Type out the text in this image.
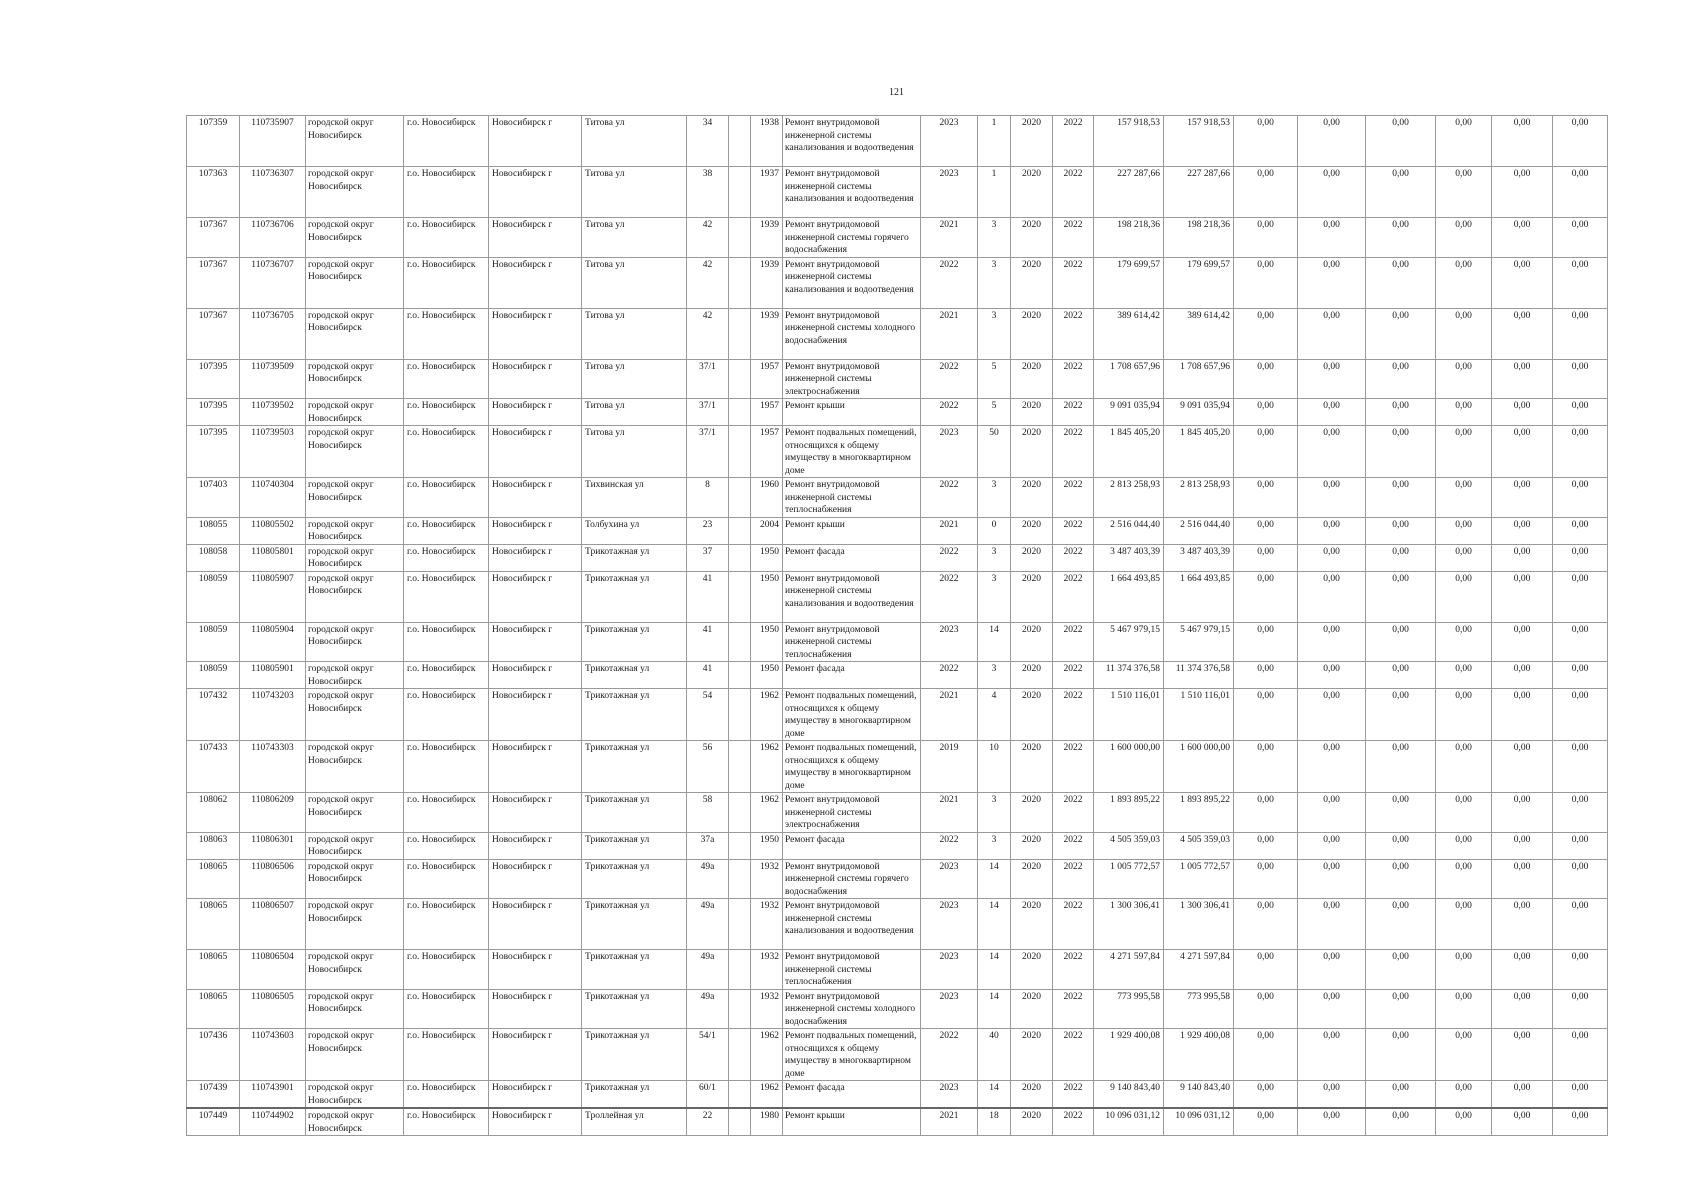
121
107359	110735907	городской округ Новосибирск	г.о. Новосибирск	Новосибирск г	Титова ул	34		1938	Ремонт внутридомовой инженерной системы канализования и водоотведения	2023	1	2020	2022	157 918,53	157 918,53	0,00	0,00	0,00	0,00	0,00	0,00
107363	110736307	городской округ Новосибирск	г.о. Новосибирск	Новосибирск г	Титова ул	38		1937	Ремонт внутридомовой инженерной системы канализования и водоотведения	2023	1	2020	2022	227 287,66	227 287,66	0,00	0,00	0,00	0,00	0,00	0,00
107367	110736706	городской округ Новосибирск	г.о. Новосибирск	Новосибирск г	Титова ул	42		1939	Ремонт внутридомовой инженерной системы горячего водоснабжения	2021	3	2020	2022	198 218,36	198 218,36	0,00	0,00	0,00	0,00	0,00	0,00
107367	110736707	городской округ Новосибирск	г.о. Новосибирск	Новосибирск г	Титова ул	42		1939	Ремонт внутридомовой инженерной системы канализования и водоотведения	2022	3	2020	2022	179 699,57	179 699,57	0,00	0,00	0,00	0,00	0,00	0,00
107367	110736705	городской округ Новосибирск	г.о. Новосибирск	Новосибирск г	Титова ул	42		1939	Ремонт внутридомовой инженерной системы холодного водоснабжения	2021	3	2020	2022	389 614,42	389 614,42	0,00	0,00	0,00	0,00	0,00	0,00
107395	110739509	городской округ Новосибирск	г.о. Новосибирск	Новосибирск г	Титова ул	37/1		1957	Ремонт внутридомовой инженерной системы электроснабжения	2022	5	2020	2022	1 708 657,96	1 708 657,96	0,00	0,00	0,00	0,00	0,00	0,00
107395	110739502	городской округ Новосибирск	г.о. Новосибирск	Новосибирск г	Титова ул	37/1		1957	Ремонт крыши	2022	5	2020	2022	9 091 035,94	9 091 035,94	0,00	0,00	0,00	0,00	0,00	0,00
107395	110739503	городской округ Новосибирск	г.о. Новосибирск	Новосибирск г	Титова ул	37/1		1957	Ремонт подвальных помещений, относящихся к общему имуществу в многоквартирном доме	2023	50	2020	2022	1 845 405,20	1 845 405,20	0,00	0,00	0,00	0,00	0,00	0,00
107403	110740304	городской округ Новосибирск	г.о. Новосибирск	Новосибирск г	Тихвинская ул	8		1960	Ремонт внутридомовой инженерной системы теплоснабжения	2022	3	2020	2022	2 813 258,93	2 813 258,93	0,00	0,00	0,00	0,00	0,00	0,00
108055	110805502	городской округ Новосибирск	г.о. Новосибирск	Новосибирск г	Толбухина ул	23		2004	Ремонт крыши	2021	0	2020	2022	2 516 044,40	2 516 044,40	0,00	0,00	0,00	0,00	0,00	0,00
108058	110805801	городской округ Новосибирск	г.о. Новосибирск	Новосибирск г	Трикотажная ул	37		1950	Ремонт фасада	2022	3	2020	2022	3 487 403,39	3 487 403,39	0,00	0,00	0,00	0,00	0,00	0,00
108059	110805907	городской округ Новосибирск	г.о. Новосибирск	Новосибирск г	Трикотажная ул	41		1950	Ремонт внутридомовой инженерной системы канализования и водоотведения	2022	3	2020	2022	1 664 493,85	1 664 493,85	0,00	0,00	0,00	0,00	0,00	0,00
108059	110805904	городской округ Новосибирск	г.о. Новосибирск	Новосибирск г	Трикотажная ул	41		1950	Ремонт внутридомовой инженерной системы теплоснабжения	2023	14	2020	2022	5 467 979,15	5 467 979,15	0,00	0,00	0,00	0,00	0,00	0,00
108059	110805901	городской округ Новосибирск	г.о. Новосибирск	Новосибирск г	Трикотажная ул	41		1950	Ремонт фасада	2022	3	2020	2022	11 374 376,58	11 374 376,58	0,00	0,00	0,00	0,00	0,00	0,00
107432	110743203	городской округ Новосибирск	г.о. Новосибирск	Новосибирск г	Трикотажная ул	54		1962	Ремонт подвальных помещений, относящихся к общему имуществу в многоквартирном доме	2021	4	2020	2022	1 510 116,01	1 510 116,01	0,00	0,00	0,00	0,00	0,00	0,00
107433	110743303	городской округ Новосибирск	г.о. Новосибирск	Новосибирск г	Трикотажная ул	56		1962	Ремонт подвальных помещений, относящихся к общему имуществу в многоквартирном доме	2019	10	2020	2022	1 600 000,00	1 600 000,00	0,00	0,00	0,00	0,00	0,00	0,00
108062	110806209	городской округ Новосибирск	г.о. Новосибирск	Новосибирск г	Трикотажная ул	58		1962	Ремонт внутридомовой инженерной системы электроснабжения	2021	3	2020	2022	1 893 895,22	1 893 895,22	0,00	0,00	0,00	0,00	0,00	0,00
108063	110806301	городской округ Новосибирск	г.о. Новосибирск	Новосибирск г	Трикотажная ул	37а		1950	Ремонт фасада	2022	3	2020	2022	4 505 359,03	4 505 359,03	0,00	0,00	0,00	0,00	0,00	0,00
108065	110806506	городской округ Новосибирск	г.о. Новосибирск	Новосибирск г	Трикотажная ул	49а		1932	Ремонт внутридомовой инженерной системы горячего водоснабжения	2023	14	2020	2022	1 005 772,57	1 005 772,57	0,00	0,00	0,00	0,00	0,00	0,00
108065	110806507	городской округ Новосибирск	г.о. Новосибирск	Новосибирск г	Трикотажная ул	49а		1932	Ремонт внутридомовой инженерной системы канализования и водоотведения	2023	14	2020	2022	1 300 306,41	1 300 306,41	0,00	0,00	0,00	0,00	0,00	0,00
108065	110806504	городской округ Новосибирск	г.о. Новосибирск	Новосибирск г	Трикотажная ул	49а		1932	Ремонт внутридомовой инженерной системы теплоснабжения	2023	14	2020	2022	4 271 597,84	4 271 597,84	0,00	0,00	0,00	0,00	0,00	0,00
108065	110806505	городской округ Новосибирск	г.о. Новосибирск	Новосибирск г	Трикотажная ул	49а		1932	Ремонт внутридомовой инженерной системы холодного водоснабжения	2023	14	2020	2022	773 995,58	773 995,58	0,00	0,00	0,00	0,00	0,00	0,00
107436	110743603	городской округ Новосибирск	г.о. Новосибирск	Новосибирск г	Трикотажная ул	54/1		1962	Ремонт подвальных помещений, относящихся к общему имуществу в многоквартирном доме	2022	40	2020	2022	1 929 400,08	1 929 400,08	0,00	0,00	0,00	0,00	0,00	0,00
107439	110743901	городской округ Новосибирск	г.о. Новосибирск	Новосибирск г	Трикотажная ул	60/1		1962	Ремонт фасада	2023	14	2020	2022	9 140 843,40	9 140 843,40	0,00	0,00	0,00	0,00	0,00	0,00
107449	110744902	городской округ Новосибирск	г.о. Новосибирск	Новосибирск г	Троллейная ул	22		1980	Ремонт крыши	2021	18	2020	2022	10 096 031,12	10 096 031,12	0,00	0,00	0,00	0,00	0,00	0,00
